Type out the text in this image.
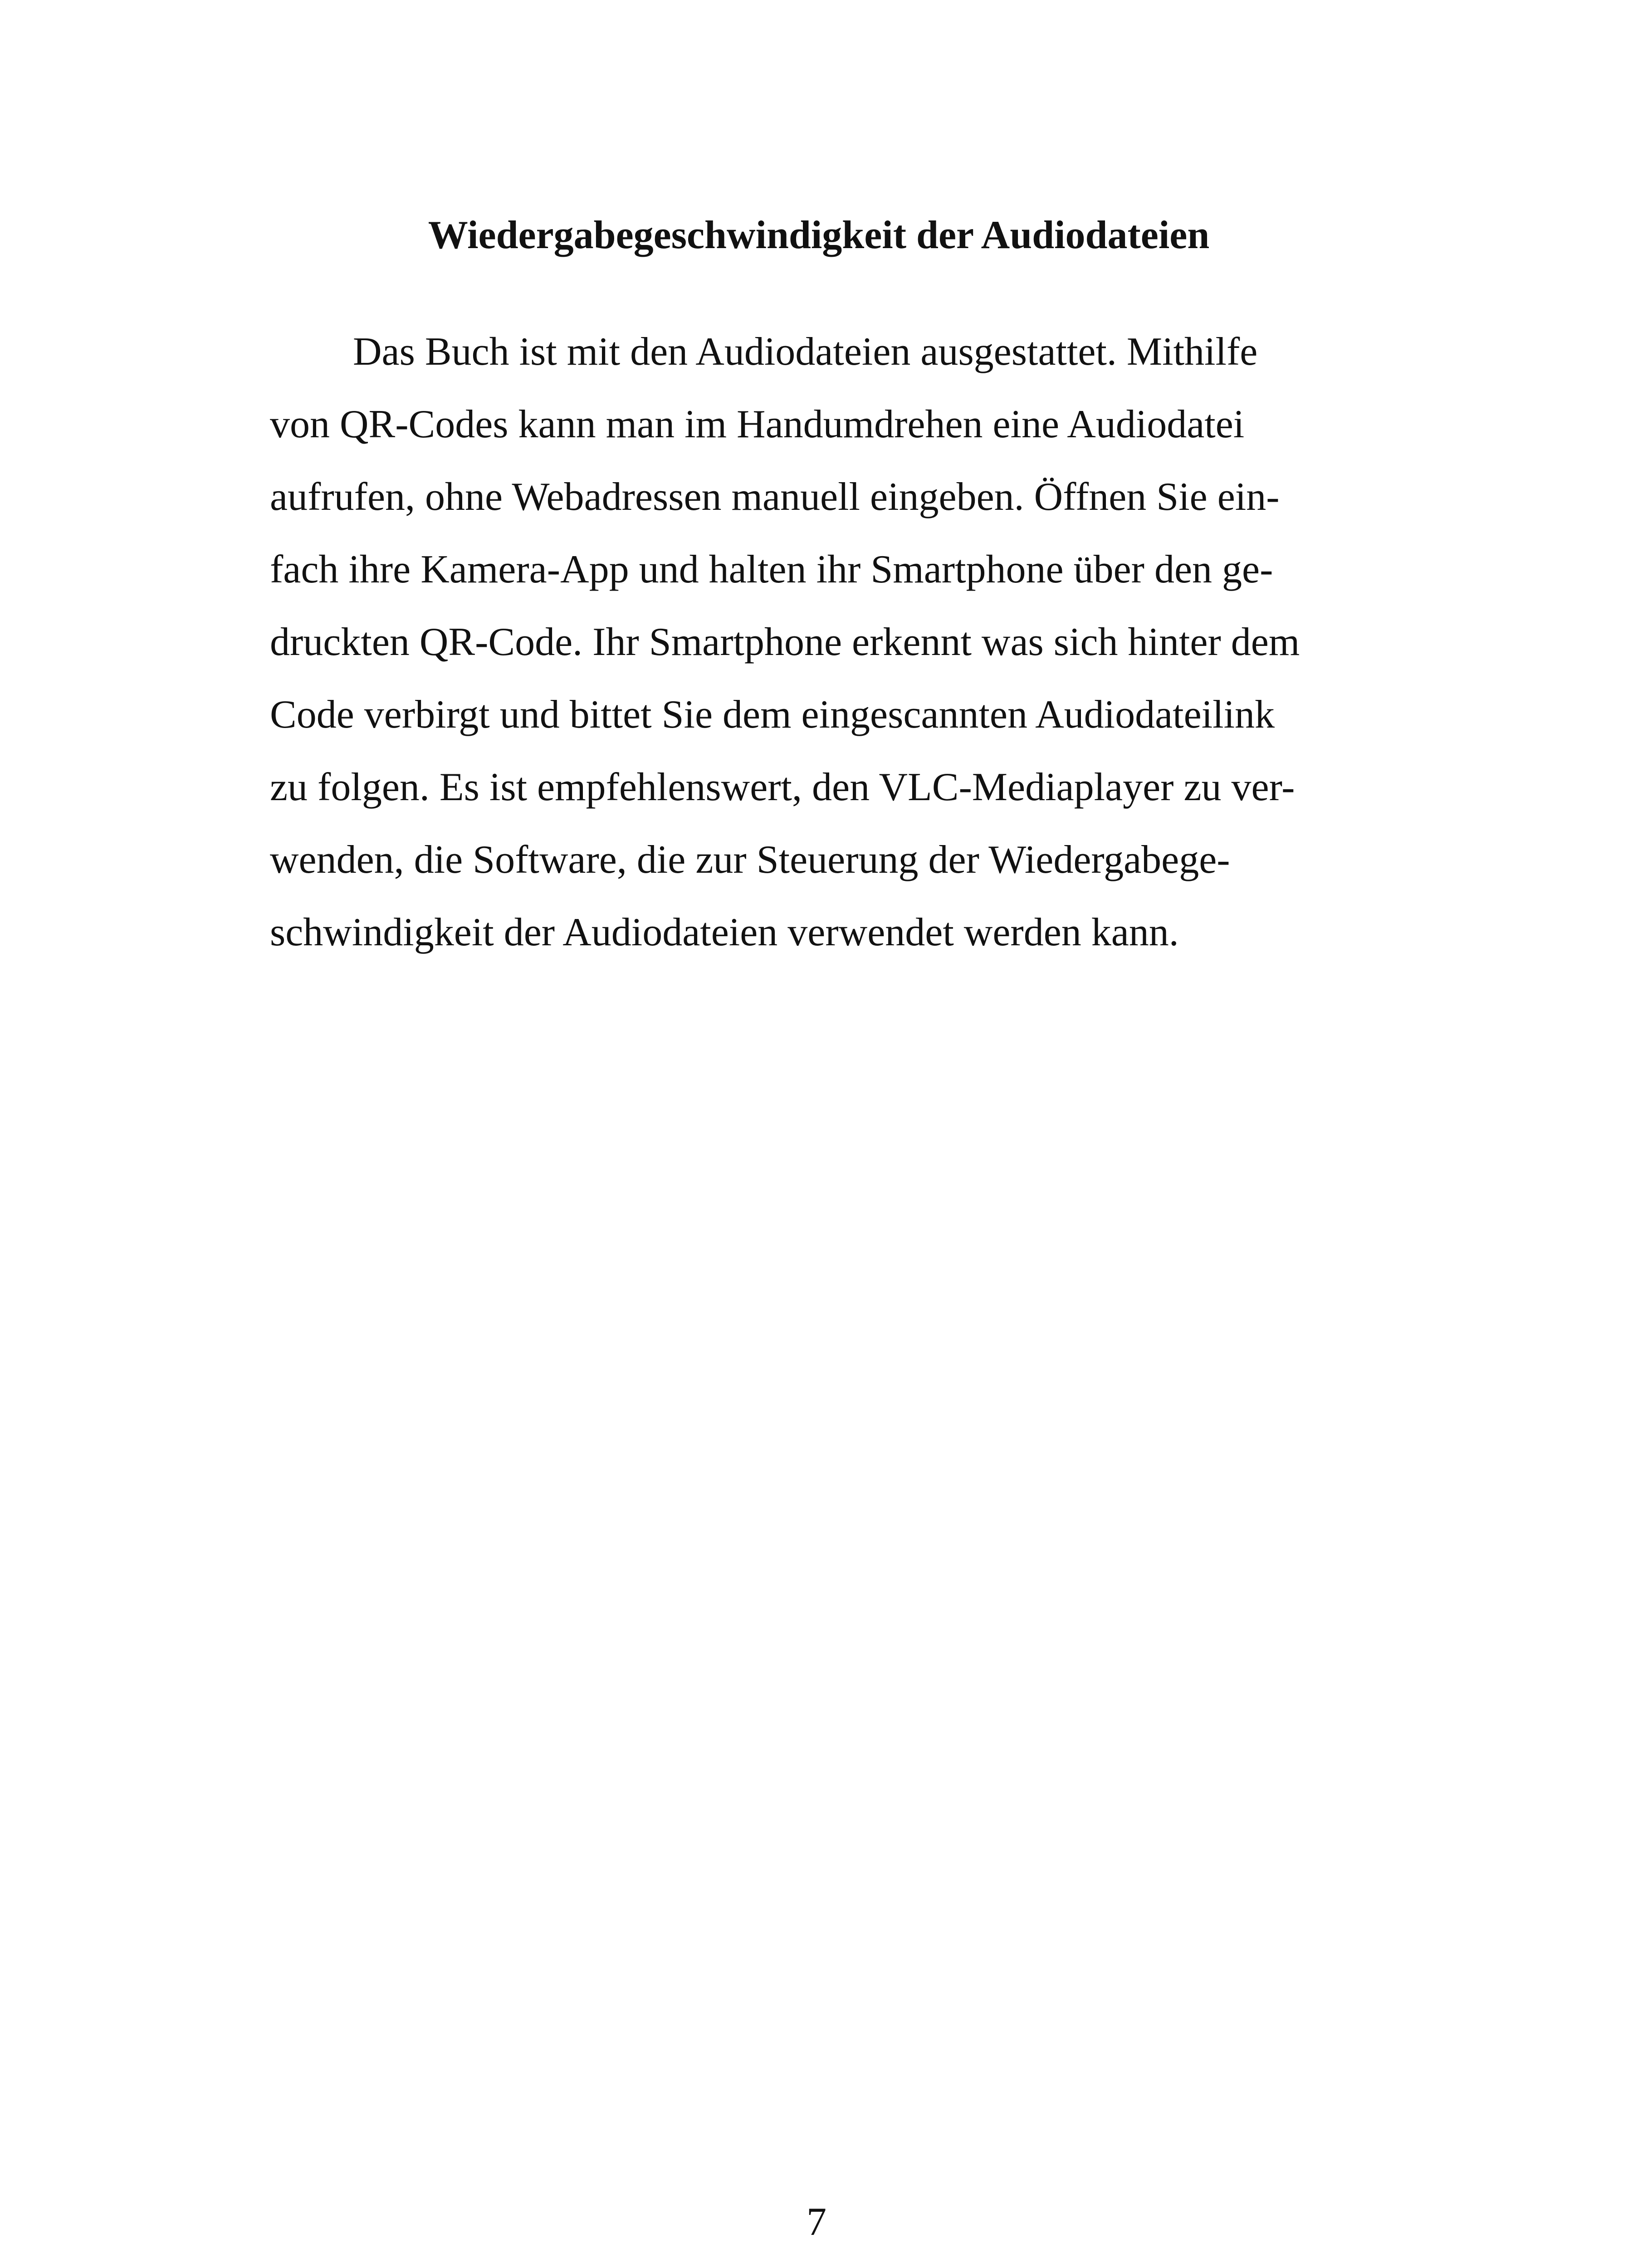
Wiedergabegeschwindigkeit der Audiodateien
Das Buch ist mit den Audiodateien ausgestattet. Mithilfe
von QR-Codes kann man im Handumdrehen eine Audiodatei
aufrufen, ohne Webadressen manuell eingeben. Öffnen Sie ein-
fach ihre Kamera-App und halten ihr Smartphone über den ge-
druckten QR-Code. Ihr Smartphone erkennt was sich hinter dem
Code verbirgt und bittet Sie dem eingescannten Audiodateilink
zu folgen. Es ist empfehlenswert, den VLC-Mediaplayer zu ver-
wenden, die Software, die zur Steuerung der Wiedergabege-
schwindigkeit der Audiodateien verwendet werden kann.
7
